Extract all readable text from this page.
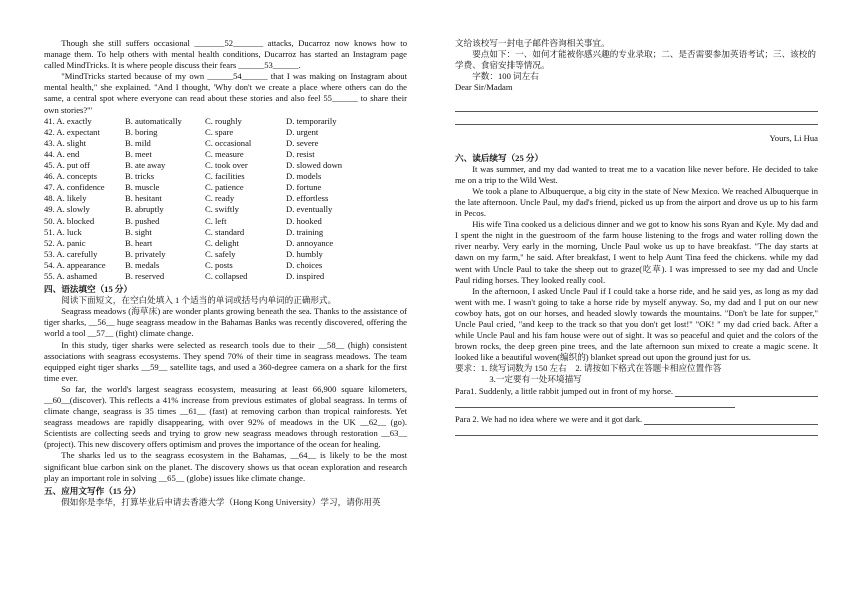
Though she still suffers occasional _______52_______ attacks, Ducarroz now knows how to manage them. To help others with mental health conditions, Ducarroz has started an Instagram page called MindTricks. It is where people discuss their fears ______53______.

"MindTricks started because of my own ______54______ that I was making on Instagram about mental health," she explained. "And I thought, 'Why don't we create a place where others can do the same, a central spot where everyone can read about these stories and also feel 55______ to share their own stories?'"

41. A. exactly	B. automatically	C. roughly	D. temporarily
42. A. expectant	B. boring	C. spare	D. urgent
43. A. slight	B. mild	C. occasional	D. severe
44. A. end	B. meet	C. measure	D. resist
45. A. put off	B. ate away	C. took over	D. slowed down
46. A. concepts	B. tricks	C. facilities	D. models
47. A. confidence	B. muscle	C. patience	D. fortune
48. A. likely	B. hesitant	C. ready	D. effortless
49. A. slowly	B. abruptly	C. swiftly	D. eventually
50. A. blocked	B. pushed	C. left	D. hooked
51. A. luck	B. sight	C. standard	D. training
52. A. panic	B. heart	C. delight	D. annoyance
53. A. carefully	B. privately	C. safely	D. humbly
54. A. appearance	B. medals	C. posts	D. choices
55. A. ashamed	B. reserved	C. collapsed	D. inspired

四、语法填空（15 分）

阅读下面短文，在空白处填入 1 个适当的单词或括号内单词的正确形式。

Seagrass meadows (海草床) are wonder plants growing beneath the sea. Thanks to the assistance of tiger sharks, __56__ huge seagrass meadow in the Bahamas Banks was recently discovered, offering the world a tool __57__ (fight) climate change.

In this study, tiger sharks were selected as research tools due to their __58__ (high) consistent associations with seagrass ecosystems. They spend 70% of their time in seagrass meadows. The team equipped eight tiger sharks __59__ satellite tags, and used a 360-degree camera on a shark for the first time ever.

So far, the world's largest seagrass ecosystem, measuring at least 66,900 square kilometers, __60__(discover). This reflects a 41% increase from previous estimates of global seagrass. In terms of climate change, seagrass is 35 times __61__ (fast) at removing carbon than tropical rainforests. Yet seagrass meadows are rapidly disappearing, with over 92% of meadows in the UK __62__ (go). Scientists are collecting seeds and trying to grow new seagrass meadows through restoration __63__ (project). This new discovery offers optimism and proves the importance of the ocean for healing.

The sharks led us to the seagrass ecosystem in the Bahamas, __64__ is likely to be the most significant blue carbon sink on the planet. The discovery shows us that ocean exploration and research play an important role in solving __65__ (globe) issues like climate change.

五、应用文写作（15 分）

假如你是李华，打算毕业后申请去香港大学（Hong Kong University）学习，请你用英

文给该校写一封电子邮件咨询相关事宜。

要点如下：一、如何才能被你感兴趣的专业录取；二、是否需要参加英语考试；三、该校的学费、食宿安排等情况。

字数：100 词左右

Dear Sir/Madam

Yours, Li Hua

六、读后续写（25 分）

It was summer, and my dad wanted to treat me to a vacation like never before. He decided to take me on a trip to the Wild West.

We took a plane to Albuquerque, a big city in the state of New Mexico. We reached Albuquerque in the late afternoon. Uncle Paul, my dad's friend, picked us up from the airport and drove us up to his farm in Pecos.

His wife Tina cooked us a delicious dinner and we got to know his sons Ryan and Kyle. My dad and I spent the night in the guestroom of the farm house listening to the frogs and water rolling down the river nearby. Very early in the morning, Uncle Paul woke us up to have breakfast. "The day starts at dawn on my farm," he said. After breakfast, I went to help Aunt Tina feed the chickens. while my dad went with Uncle Paul to take the sheep out to graze(吃草). I was impressed to see my dad and Uncle Paul riding horses. They looked really cool.

In the afternoon, I asked Uncle Paul if I could take a horse ride, and he said yes, as long as my dad went with me. I wasn't going to take a horse ride by myself anyway. So, my dad and I put on our new cowboy hats, got on our horses, and headed slowly towards the mountains. "Don't be late for supper," Uncle Paul cried, "and keep to the track so that you don't get lost!" "OK! " my dad cried back. After a while Uncle Paul and his fam house were out of sight. It was so peaceful and quiet and the colors of the brown rocks, the deep green pine trees, and the late afternoon sun mixed to create a magic scene. It looked like a beautiful woven(编织的) blanket spread out upon the ground just for us.

要求：1. 续写词数为 150 左右　2. 请按如下格式在答题卡相应位置作答

3.一定要有一处环境描写

Para1. Suddenly, a little rabbit jumped out in front of my horse.
Para 2. We had no idea where we were and it got dark.
